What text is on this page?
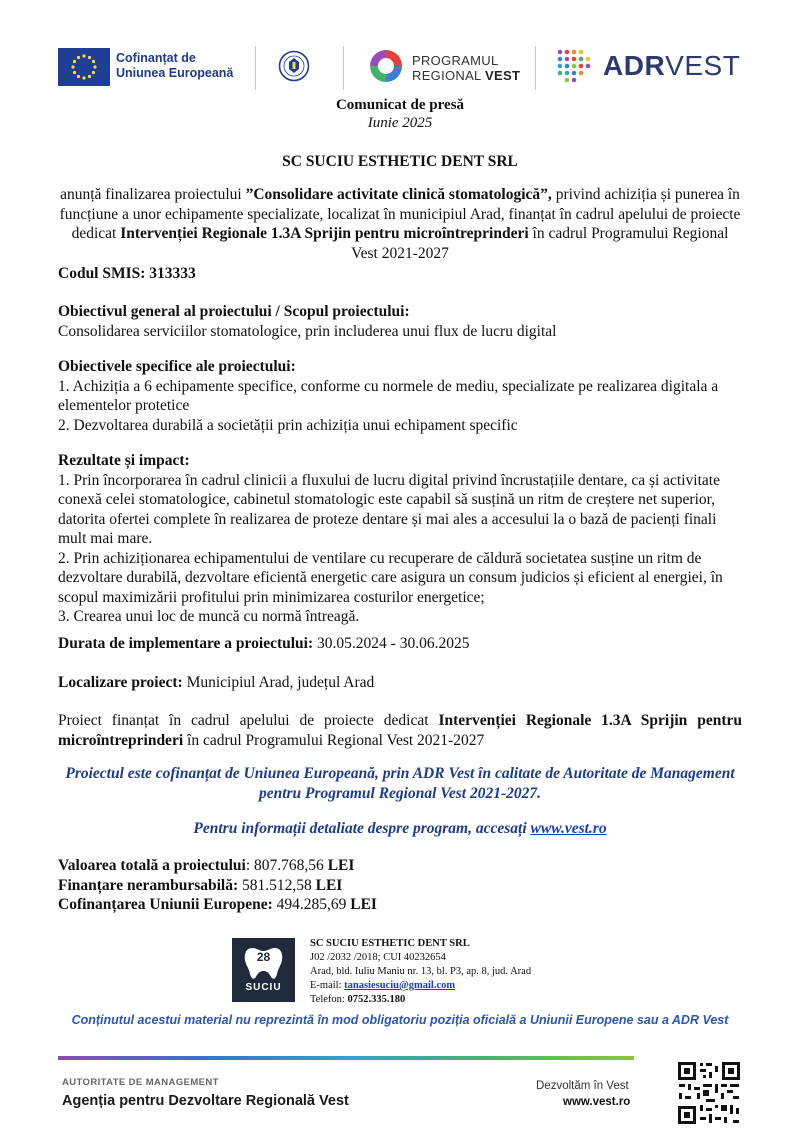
Cofinanțat de
Uniunea Europeană
PROGRAMUL
REGIONAL VEST	ADRVEST
Comunicat de presă
Iunie 2025
SC SUCIU ESTHETIC DENT SRL
anunță finalizarea proiectului ”Consolidare activitate clinică stomatologică”, privind achiziția și punerea în funcțiune a unor echipamente specializate, localizat în municipiul Arad, finanțat în cadrul apelului de proiecte dedicat Intervenției Regionale 1.3A Sprijin pentru microîntreprinderi în cadrul Programului Regional Vest 2021-2027
Codul SMIS: 313333

Obiectivul general al proiectului / Scopul proiectului:

Consolidarea serviciilor stomatologice, prin includerea unui flux de lucru digital

Obiectivele specifice ale proiectului:

1. Achiziția a 6 echipamente specifice, conforme cu normele de mediu, specializate pe realizarea digitala a elementelor protetice

2. Dezvoltarea durabilă a societății prin achiziția unui echipament specific

Rezultate și impact:

1. Prin încorporarea în cadrul clinicii a fluxului de lucru digital privind încrustațiile dentare, ca și activitate conexă celei stomatologice, cabinetul stomatologic este capabil să susțină un ritm de creștere net superior, datorita ofertei complete în realizarea de proteze dentare și mai ales a accesului la o bază de pacienți finali mult mai mare.

2. Prin achiziționarea echipamentului de ventilare cu recuperare de căldură societatea susține un ritm de dezvoltare durabilă, dezvoltare eficientă energetic care asigura un consum judicios și eficient al energiei, în scopul maximizării profitului prin minimizarea costurilor energetice;

3. Crearea unui loc de muncă cu normă întreagă.

Durata de implementare a proiectului: 30.05.2024 - 30.06.2025
Localizare proiect: Municipiul Arad, județul Arad
Proiect finanțat în cadrul apelului de proiecte dedicat Intervenției Regionale 1.3A Sprijin pentru microîntreprinderi în cadrul Programului Regional Vest 2021-2027
Proiectul este cofinanțat de Uniunea Europeană, prin ADR Vest în calitate de Autoritate de Management pentru Programul Regional Vest 2021-2027.
Pentru informații detaliate despre program, accesați www.vest.ro
Valoarea totală a proiectului: 807.768,56 LEI
Finanțare nerambursabilă: 581.512,58 LEI
Cofinanțarea Uniunii Europene: 494.285,69 LEI
28
SUCIU
SC SUCIU ESTHETIC DENT SRL
J02 /2032 /2018; CUI 40232654
Arad, bld. Iuliu Maniu nr. 13, bl. P3, ap. 8, jud. Arad
E-mail: tanasiesuciu@gmail.com
Telefon: 0752.335.180
Conținutul acestui material nu reprezintă în mod obligatoriu poziția oficială a Uniunii Europene sau a ADR Vest
AUTORITATE DE MANAGEMENT
Agenția pentru Dezvoltare Regională Vest
Dezvoltăm în Vest
www.vest.ro
